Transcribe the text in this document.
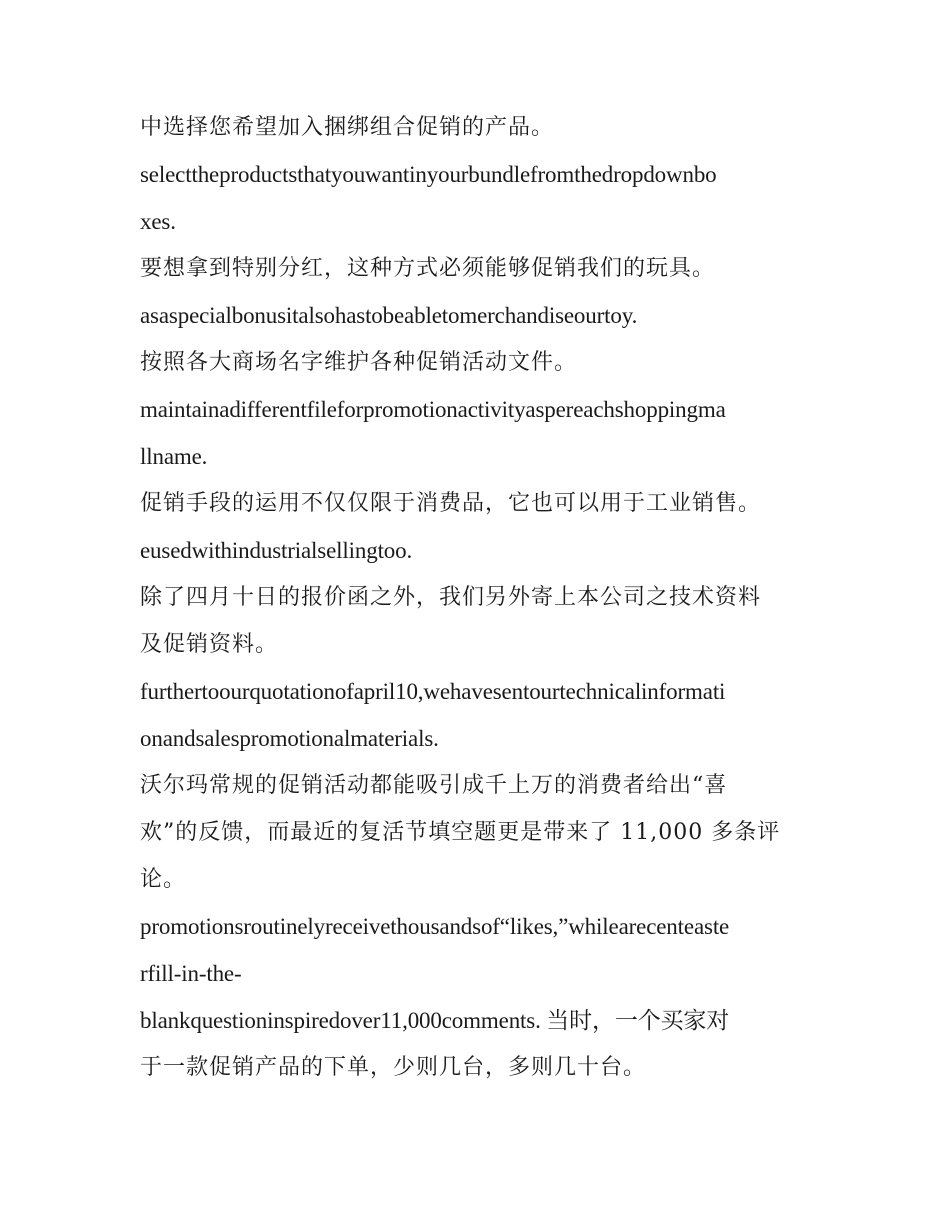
中选择您希望加入捆绑组合促销的产品。
selecttheproductsthatyouwantinyourbundlefromthedropdownbo
xes.
要想拿到特别分红，这种方式必须能够促销我们的玩具。
asaspecialbonusitalsohastobeabletomerchandiseourtoy.
按照各大商场名字维护各种促销活动文件。
maintainadifferentfileforpromotionactivityaspereachshoppingma
llname.
促销手段的运用不仅仅限于消费品，它也可以用于工业销售。
eusedwithindustrialsellingtoo.
除了四月十日的报价函之外，我们另外寄上本公司之技术资料
及促销资料。
furthertoourquotationofapril10,wehavesentourtechnicalinformati
onandsalespromotionalmaterials.
沃尔玛常规的促销活动都能吸引成千上万的消费者给出“喜
欢”的反馈，而最近的复活节填空题更是带来了 11,000 多条评
论。
promotionsroutinelyreceivethousandsof“likes,”whilearecenteaste
rfill-in-the-
blankquestioninspiredover11,000comments. 当时，一个买家对
于一款促销产品的下单，少则几台，多则几十台。
